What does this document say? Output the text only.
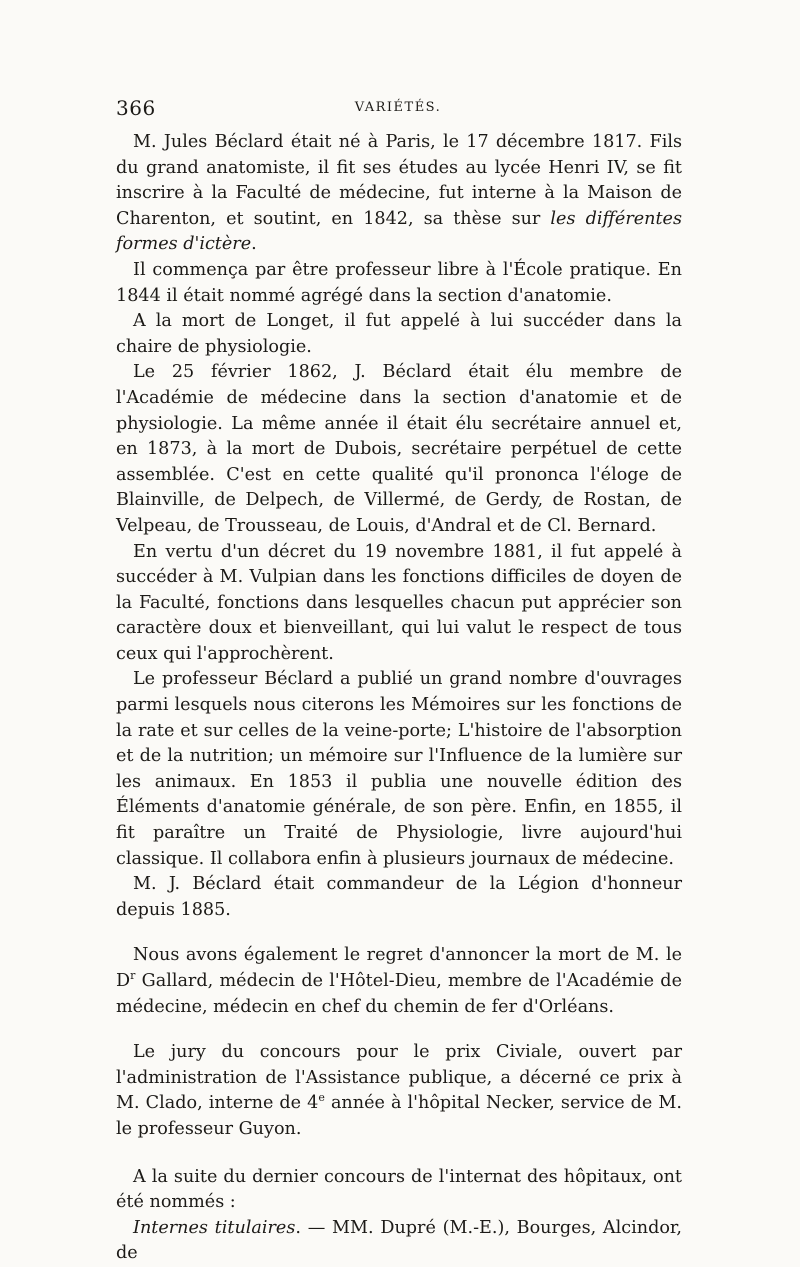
366	VARIÉTÉS.

M. Jules Béclard était né à Paris, le 17 décembre 1817. Fils du grand anatomiste, il fit ses études au lycée Henri IV, se fit inscrire à la Faculté de médecine, fut interne à la Maison de Charenton, et soutint, en 1842, sa thèse sur les différentes formes d'ictère.

Il commença par être professeur libre à l'École pratique. En 1844 il était nommé agrégé dans la section d'anatomie.

A la mort de Longet, il fut appelé à lui succéder dans la chaire de physiologie.

Le 25 février 1862, J. Béclard était élu membre de l'Académie de médecine dans la section d'anatomie et de physiologie. La même année il était élu secrétaire annuel et, en 1873, à la mort de Dubois, secrétaire perpétuel de cette assemblée. C'est en cette qualité qu'il prononca l'éloge de Blainville, de Delpech, de Villermé, de Gerdy, de Rostan, de Velpeau, de Trousseau, de Louis, d'Andral et de Cl. Bernard.

En vertu d'un décret du 19 novembre 1881, il fut appelé à succéder à M. Vulpian dans les fonctions difficiles de doyen de la Faculté, fonctions dans lesquelles chacun put apprécier son caractère doux et bienveillant, qui lui valut le respect de tous ceux qui l'approchèrent.

Le professeur Béclard a publié un grand nombre d'ouvrages parmi lesquels nous citerons les Mémoires sur les fonctions de la rate et sur celles de la veine-porte; L'histoire de l'absorption et de la nutrition; un mémoire sur l'Influence de la lumière sur les animaux. En 1853 il publia une nouvelle édition des Éléments d'anatomie générale, de son père. Enfin, en 1855, il fit paraître un Traité de Physiologie, livre aujourd'hui classique. Il collabora enfin à plusieurs journaux de médecine.

M. J. Béclard était commandeur de la Légion d'honneur depuis 1885.

Nous avons également le regret d'annoncer la mort de M. le $D^r$ Gallard, médecin de l'Hôtel-Dieu, membre de l'Académie de médecine, médecin en chef du chemin de fer d'Orléans.

Le jury du concours pour le prix Civiale, ouvert par l'administration de l'Assistance publique, a décerné ce prix à M. Clado, interne de 4e année à l'hôpital Necker, service de M. le professeur Guyon.

A la suite du dernier concours de l'internat des hôpitaux, ont été nommés :

Internes titulaires. — MM. Dupré (M.-E.), Bourges, Alcindor, de
